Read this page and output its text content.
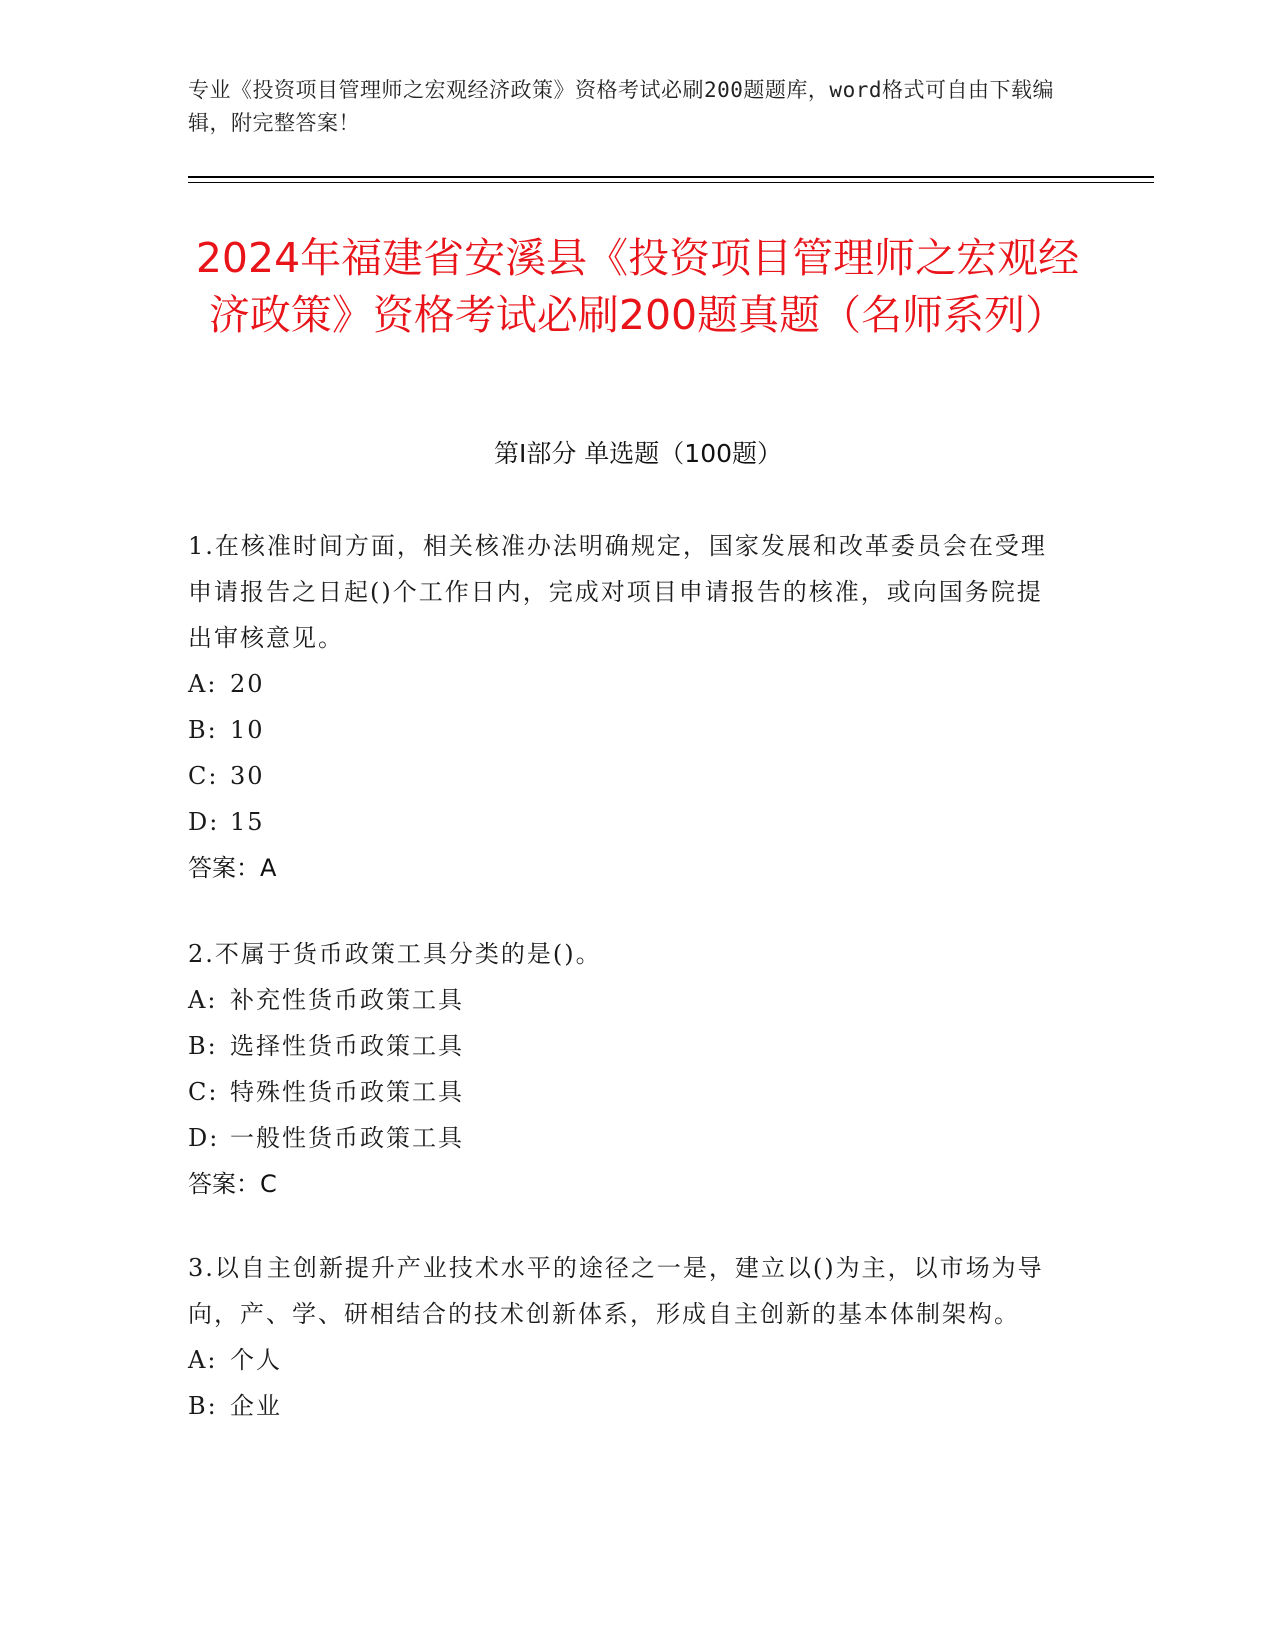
专业《投资项目管理师之宏观经济政策》资格考试必刷200题题库，word格式可自由下载编辑，附完整答案！
2024年福建省安溪县《投资项目管理师之宏观经济政策》资格考试必刷200题真题（名师系列）
第Ⅰ部分 单选题（100题）
1.在核准时间方面，相关核准办法明确规定，国家发展和改革委员会在受理申请报告之日起()个工作日内，完成对项目申请报告的核准，或向国务院提出审核意见。
A: 20
B: 10
C: 30
D: 15
答案：A
2.不属于货币政策工具分类的是()。
A: 补充性货币政策工具
B: 选择性货币政策工具
C: 特殊性货币政策工具
D: 一般性货币政策工具
答案：C
3.以自主创新提升产业技术水平的途径之一是，建立以()为主，以市场为导向，产、学、研相结合的技术创新体系，形成自主创新的基本体制架构。
A: 个人
B: 企业
